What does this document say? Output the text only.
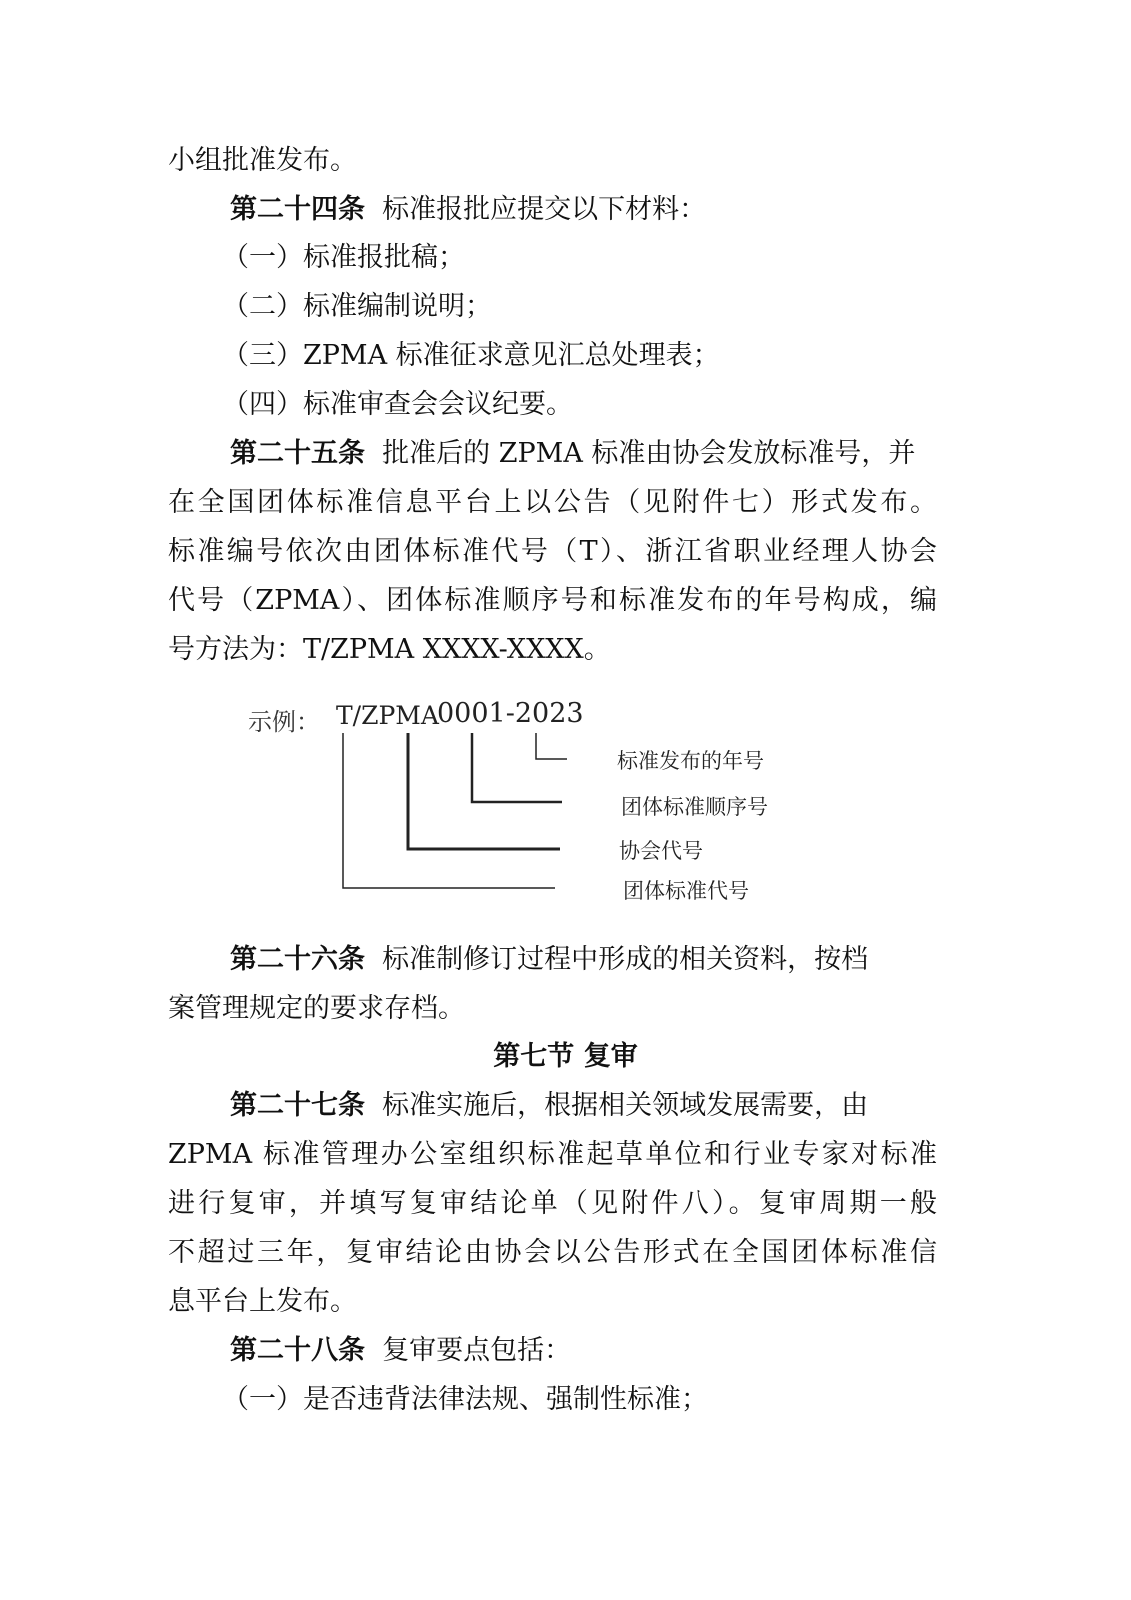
小组批准发布。
第二十四条 标准报批应提交以下材料：
（一）标准报批稿；
（二）标准编制说明；
（三）ZPMA 标准征求意见汇总处理表；
（四）标准审查会会议纪要。
第二十五条 批准后的 ZPMA 标准由协会发放标准号，并
在全国团体标准信息平台上以公告（见附件七）形式发布。
标准编号依次由团体标准代号（T）、浙江省职业经理人协会
代号（ZPMA）、团体标准顺序号和标准发布的年号构成，编
号方法为：T/ZPMA XXXX-XXXX。
示例： T/ZPMA
0001-2023
标准发布的年号
团体标准顺序号
协会代号
团体标准代号
第二十六条 标准制修订过程中形成的相关资料，按档
案管理规定的要求存档。
第七节 复审
第二十七条 标准实施后，根据相关领域发展需要，由
ZPMA 标准管理办公室组织标准起草单位和行业专家对标准
进行复审，并填写复审结论单（见附件八）。复审周期一般
不超过三年，复审结论由协会以公告形式在全国团体标准信
息平台上发布。
第二十八条 复审要点包括：
（一）是否违背法律法规、强制性标准；
